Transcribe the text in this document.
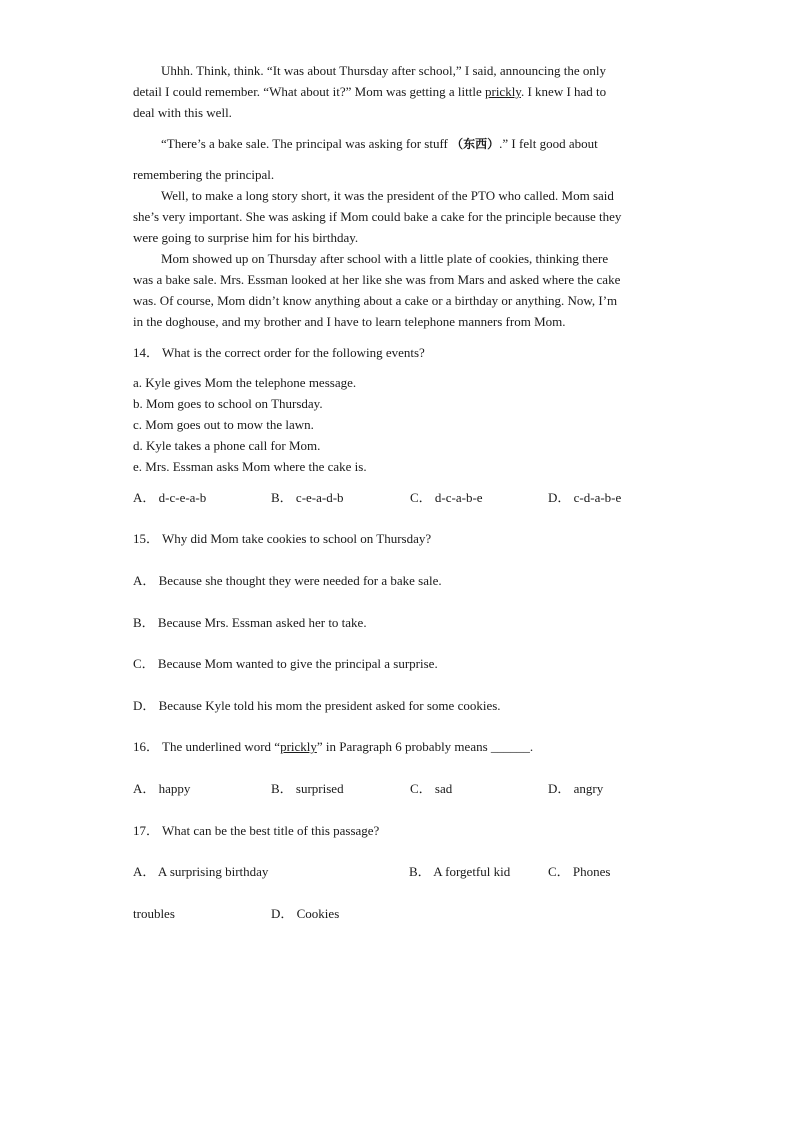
Uhhh. Think, think. “It was about Thursday after school,” I said, announcing the only
detail I could remember. “What about it?” Mom was getting a little prickly. I knew I had to
deal with this well.
“There’s a bake sale. The principal was asking for stuff （东西）.” I felt good about
remembering the principal.
Well, to make a long story short, it was the president of the PTO who called. Mom said
she’s very important. She was asking if Mom could bake a cake for the principle because they
were going to surprise him for his birthday.
Mom showed up on Thursday after school with a little plate of cookies, thinking there
was a bake sale. Mrs. Essman looked at her like she was from Mars and asked where the cake
was. Of course, Mom didn’t know anything about a cake or a birthday or anything. Now, I’m
in the doghouse, and my brother and I have to learn telephone manners from Mom.
14． What is the correct order for the following events?
a. Kyle gives Mom the telephone message.
b. Mom goes to school on Thursday.
c. Mom goes out to mow the lawn.
d. Kyle takes a phone call for Mom.
e. Mrs. Essman asks Mom where the cake is.
A． d-c-e-a-b	B． c-e-a-d-b	C． d-c-a-b-e	D． c-d-a-b-e
15． Why did Mom take cookies to school on Thursday?
A． Because she thought they were needed for a bake sale.
B． Because Mrs. Essman asked her to take.
C． Because Mom wanted to give the principal a surprise.
D． Because Kyle told his mom the president asked for some cookies.
16． The underlined word “prickly” in Paragraph 6 probably means ______.
A． happy	B． surprised	C． sad	D． angry
17． What can be the best title of this passage?
A． A surprising birthday	B． A forgetful kid	C． Phones
troubles	D． Cookies
